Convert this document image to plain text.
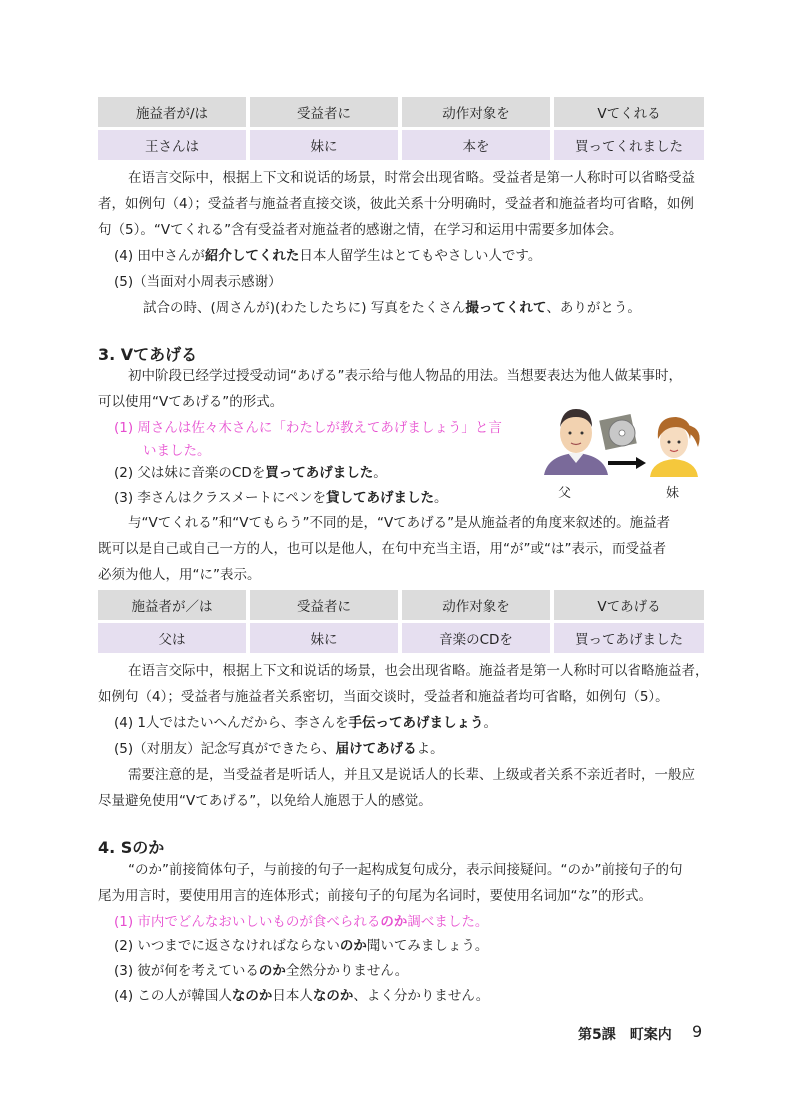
施益者が/は	受益者に	动作对象を	Vてくれる
王さんは	妹に	本を	買ってくれました
在语言交际中，根据上下文和说话的场景，时常会出现省略。受益者是第一人称时可以省略受益
者，如例句（4）；受益者与施益者直接交谈，彼此关系十分明确时，受益者和施益者均可省略，如例
句（5）。“Vてくれる”含有受益者对施益者的感谢之情，在学习和运用中需要多加体会。
(4) 田中さんが紹介してくれた日本人留学生はとてもやさしい人です。
(5)（当面对小周表示感谢）
試合の時、(周さんが)(わたしたちに) 写真をたくさん撮ってくれて、ありがとう。
3. Vてあげる
初中阶段已经学过授受动词“あげる”表示给与他人物品的用法。当想要表达为他人做某事时，
可以使用“Vてあげる”的形式。
(1) 周さんは佐々木さんに「わたしが教えてあげましょう」と言
いました。
(2) 父は妹に音楽のCDを買ってあげました。
(3) 李さんはクラスメートにペンを貸してあげました。	父	妹
与“Vてくれる”和“Vてもらう”不同的是，“Vてあげる”是从施益者的角度来叙述的。施益者
既可以是自己或自己一方的人，也可以是他人，在句中充当主语，用“が”或“は”表示，而受益者
必须为他人，用“に”表示。
施益者が／は	受益者に	动作对象を	Vてあげる
父は	妹に	音楽のCDを	買ってあげました
在语言交际中，根据上下文和说话的场景，也会出现省略。施益者是第一人称时可以省略施益者，
如例句（4）；受益者与施益者关系密切，当面交谈时，受益者和施益者均可省略，如例句（5）。
(4) 1人ではたいへんだから、李さんを手伝ってあげましょう。
(5)（对朋友）記念写真ができたら、届けてあげるよ。
需要注意的是，当受益者是听话人，并且又是说话人的长辈、上级或者关系不亲近者时，一般应
尽量避免使用“Vてあげる”，以免给人施恩于人的感觉。
4. Sのか
“のか”前接简体句子，与前接的句子一起构成复句成分，表示间接疑问。“のか”前接句子的句
尾为用言时，要使用用言的连体形式；前接句子的句尾为名词时，要使用名词加“な”的形式。
(1) 市内でどんなおいしいものが食べられるのか調べました。
(2) いつまでに返さなければならないのか聞いてみましょう。
(3) 彼が何を考えているのか全然分かりません。
(4) この人が韓国人なのか日本人なのか、よく分かりません。
第5課　町案内 9
